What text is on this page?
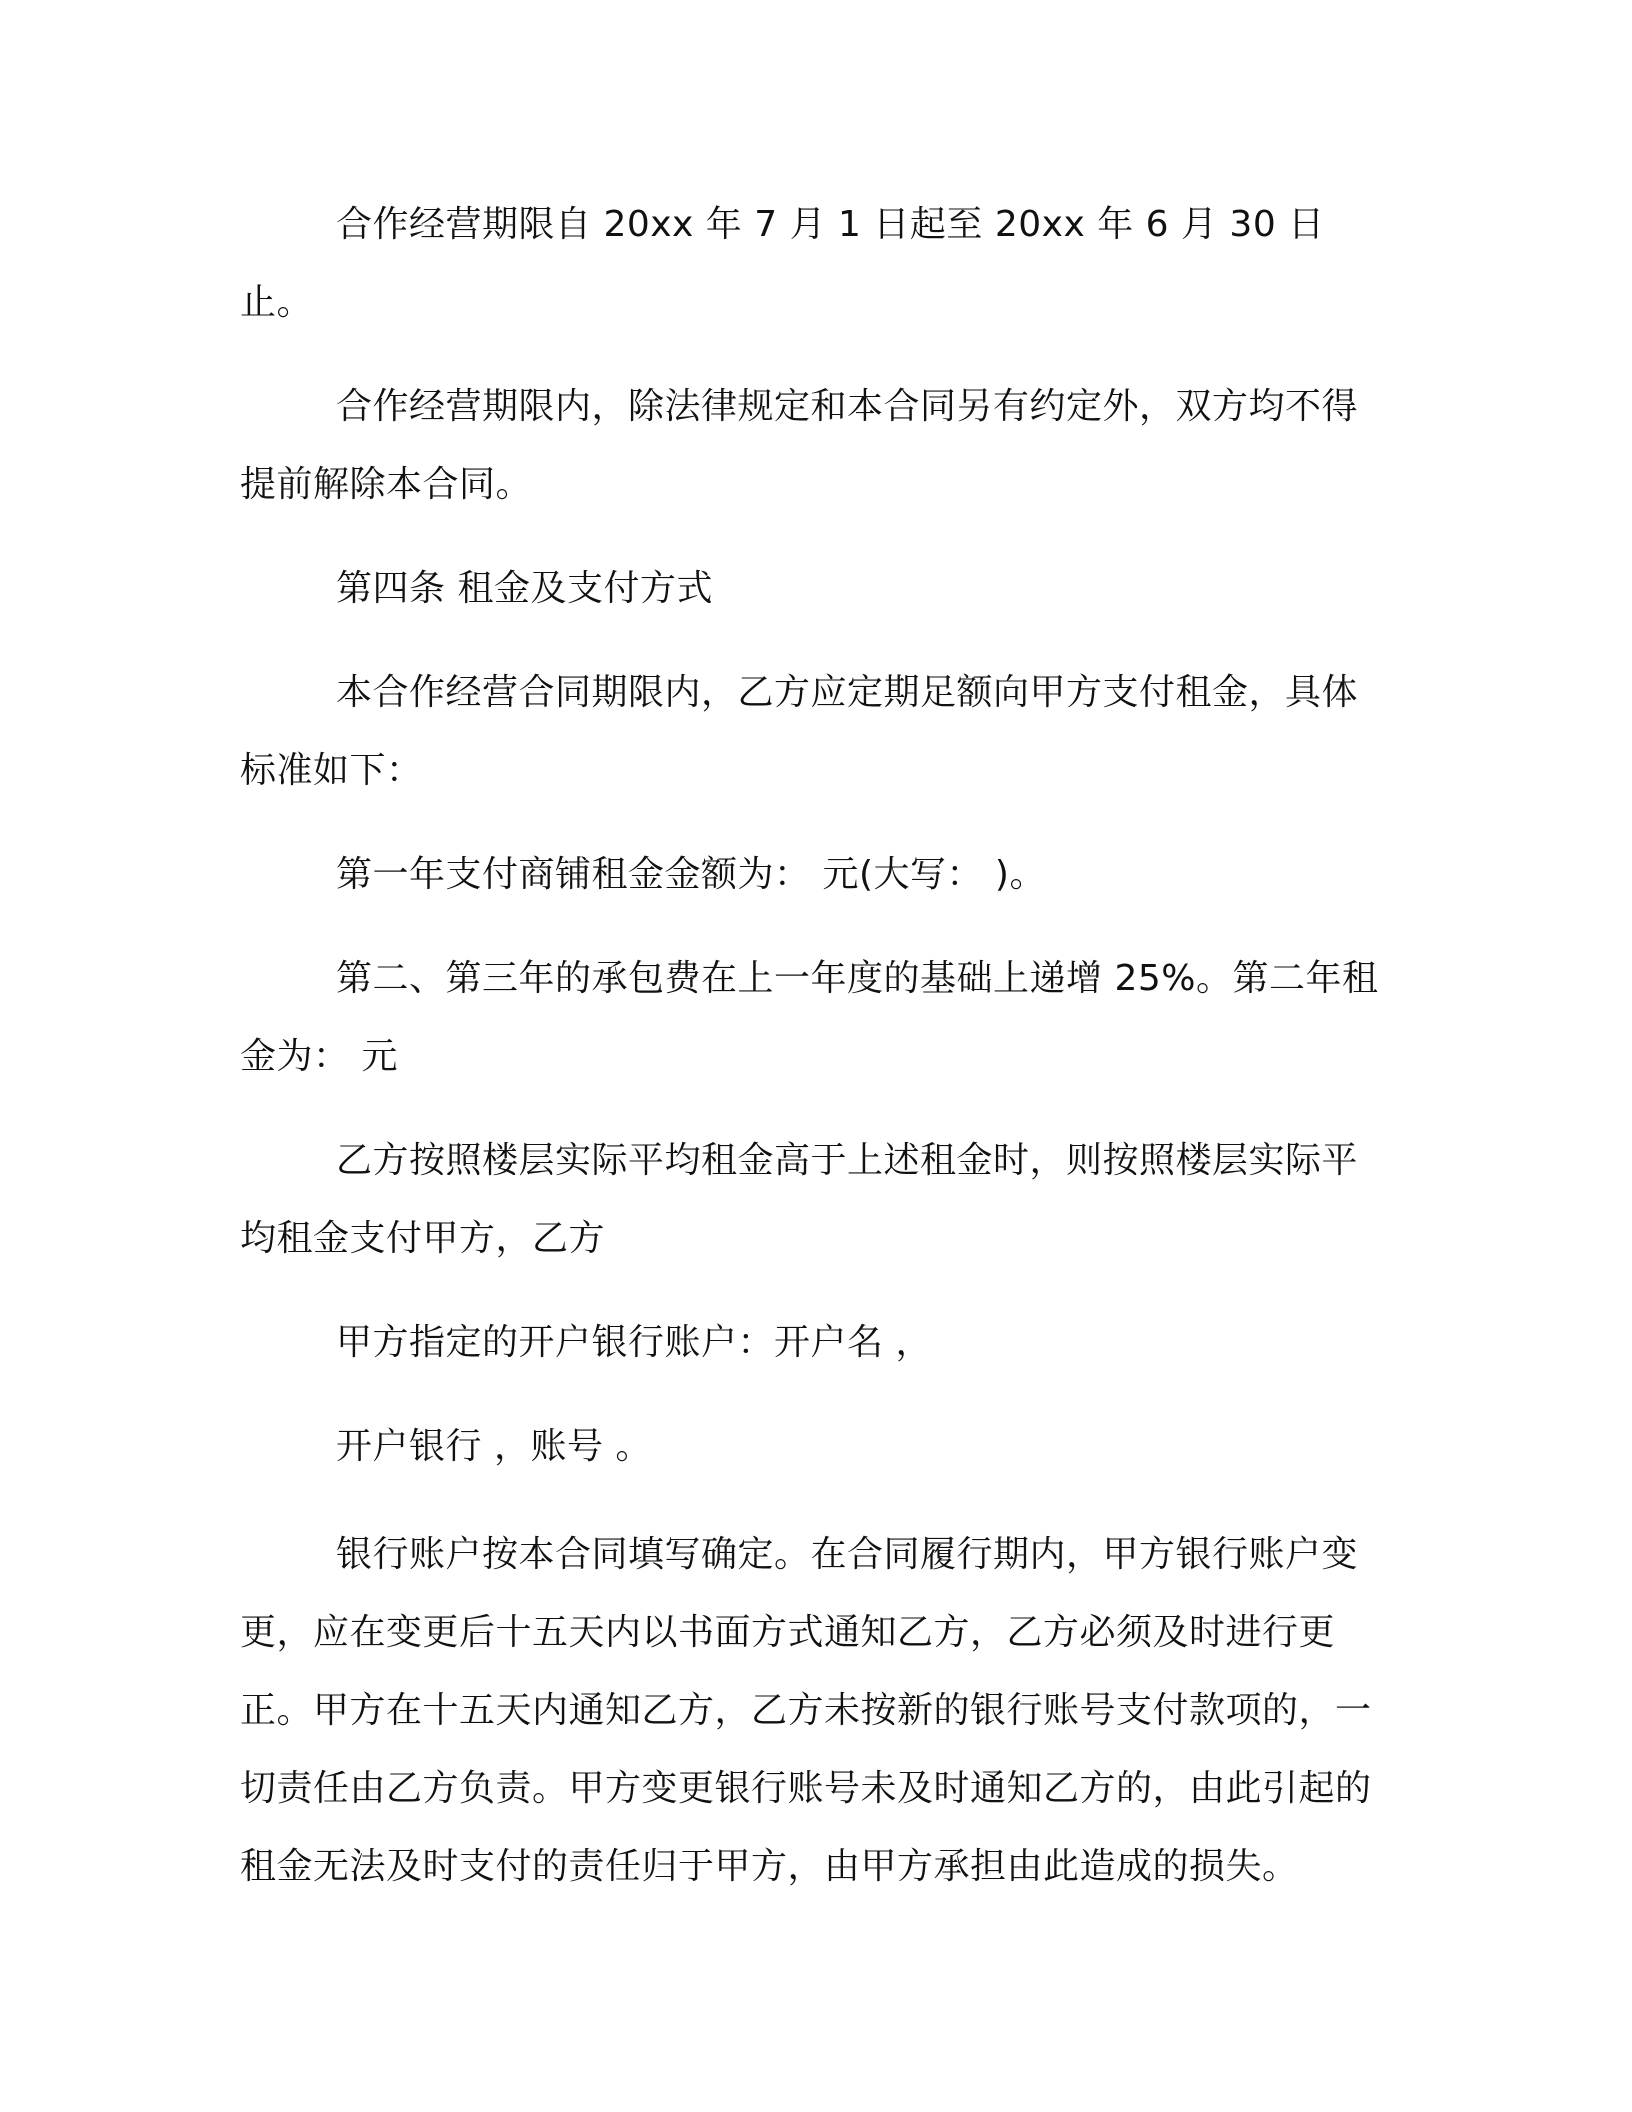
合作经营期限自 20xx 年 7 月 1 日起至 20xx 年 6 月 30 日止。

合作经营期限内，除法律规定和本合同另有约定外，双方均不得提前解除本合同。

第四条 租金及支付方式

本合作经营合同期限内，乙方应定期足额向甲方支付租金，具体标准如下：

第一年支付商铺租金金额为： 元(大写： )。

第二、第三年的承包费在上一年度的基础上递增 25%。第二年租金为： 元

乙方按照楼层实际平均租金高于上述租金时，则按照楼层实际平均租金支付甲方，乙方

甲方指定的开户银行账户：开户名 ，

开户银行 ，账号 。

银行账户按本合同填写确定。在合同履行期内，甲方银行账户变更，应在变更后十五天内以书面方式通知乙方，乙方必须及时进行更正。甲方在十五天内通知乙方，乙方未按新的银行账号支付款项的，一切责任由乙方负责。甲方变更银行账号未及时通知乙方的，由此引起的租金无法及时支付的责任归于甲方，由甲方承担由此造成的损失。
